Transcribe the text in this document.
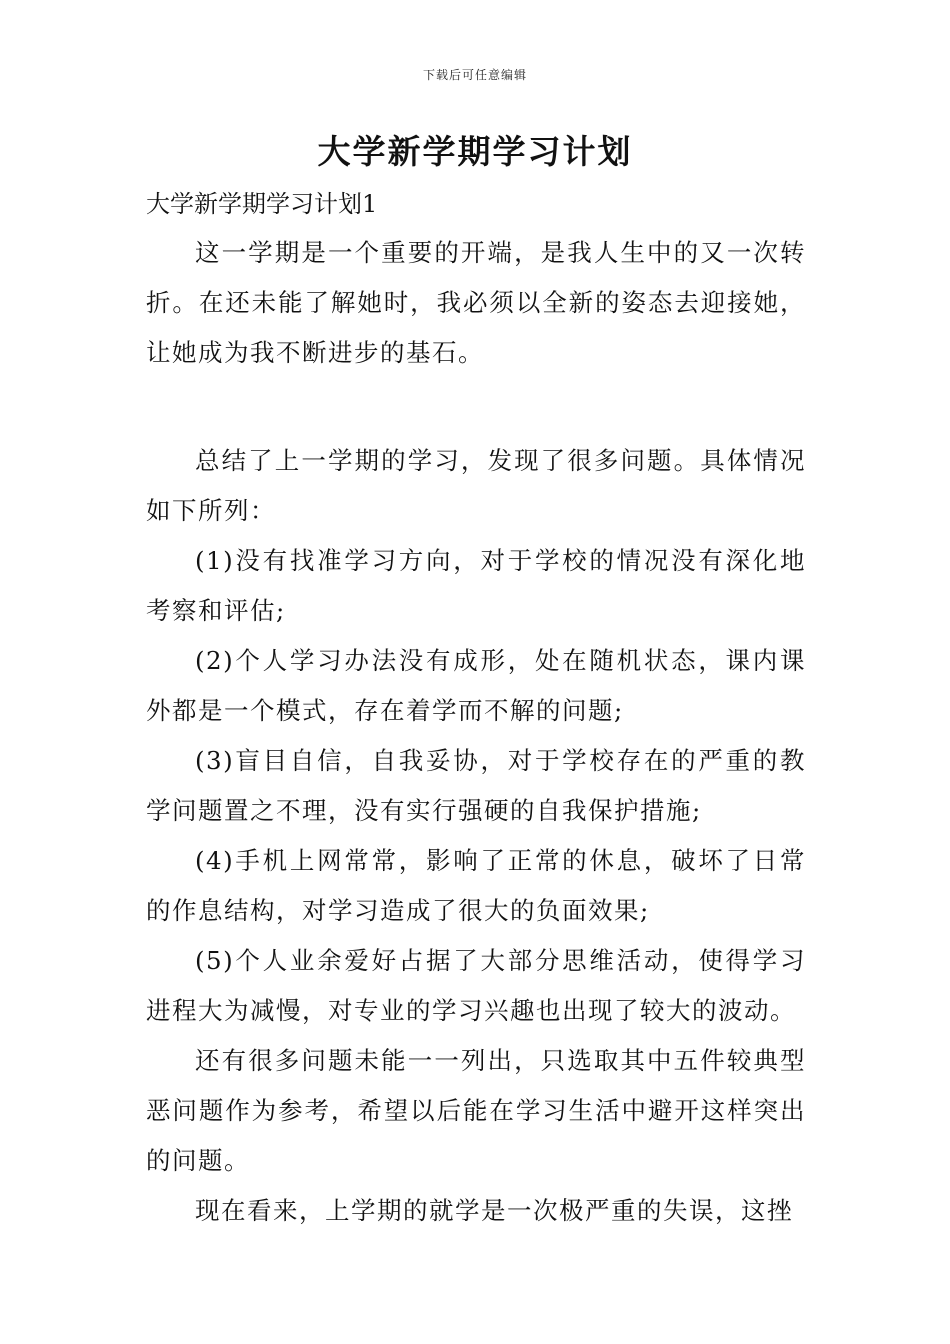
下载后可任意编辑
大学新学期学习计划

大学新学期学习计划1

这一学期是一个重要的开端，是我人生中的又一次转折。在还未能了解她时，我必须以全新的姿态去迎接她，让她成为我不断进步的基石。

总结了上一学期的学习，发现了很多问题。具体情况如下所列：

(1)没有找准学习方向，对于学校的情况没有深化地考察和评估;

(2)个人学习办法没有成形，处在随机状态，课内课外都是一个模式，存在着学而不解的问题;

(3)盲目自信，自我妥协，对于学校存在的严重的教学问题置之不理，没有实行强硬的自我保护措施;

(4)手机上网常常，影响了正常的休息，破坏了日常的作息结构，对学习造成了很大的负面效果;

(5)个人业余爱好占据了大部分思维活动，使得学习进程大为减慢，对专业的学习兴趣也出现了较大的波动。

还有很多问题未能一一列出，只选取其中五件较典型恶问题作为参考，希望以后能在学习生活中避开这样突出的问题。

现在看来，上学期的就学是一次极严重的失误，这挫
